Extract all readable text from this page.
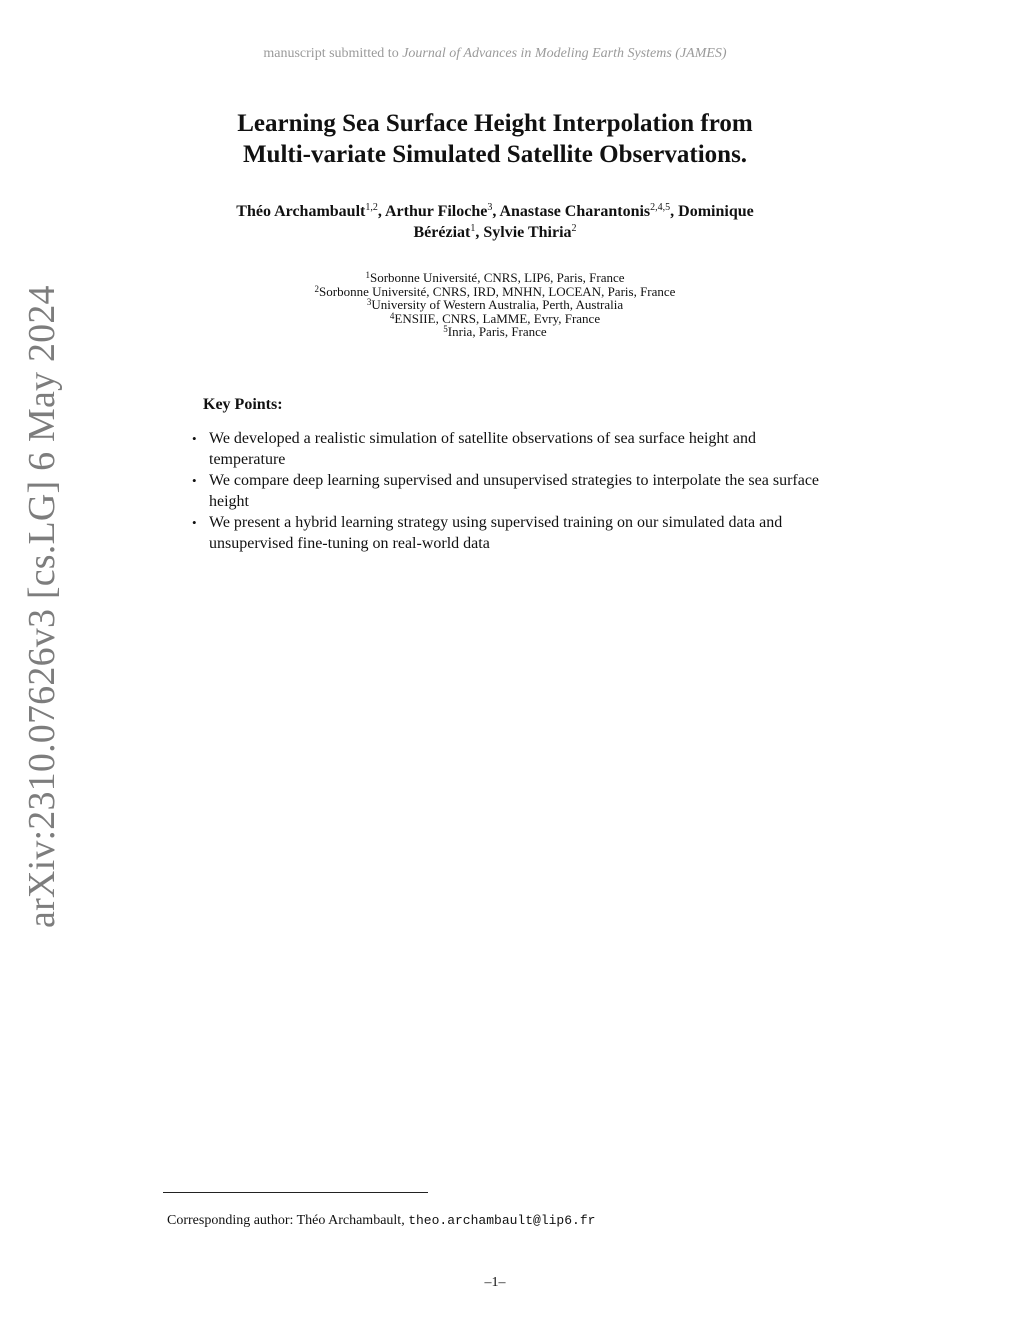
manuscript submitted to Journal of Advances in Modeling Earth Systems (JAMES)
arXiv:2310.07626v3 [cs.LG] 6 May 2024
Learning Sea Surface Height Interpolation from
Multi-variate Simulated Satellite Observations.
Théo Archambault$^{1,2}$, Arthur Filoche$^3$, Anastase Charantonis$^{2,4,5}$, Dominique
Béréziat$^1$, Sylvie Thiria$^2$
$^1$Sorbonne Université, CNRS, LIP6, Paris, France
$^2$Sorbonne Université, CNRS, IRD, MNHN, LOCEAN, Paris, France
$^3$University of Western Australia, Perth, Australia
$^4$ENSIIE, CNRS, LaMME, Evry, France
$^5$Inria, Paris, France
Key Points:
• We developed a realistic simulation of satellite observations of sea surface height and temperature
• We compare deep learning supervised and unsupervised strategies to interpolate the sea surface height
• We present a hybrid learning strategy using supervised training on our simulated data and unsupervised fine-tuning on real-world data
Corresponding author: Théo Archambault, theo.archambault@lip6.fr
–1–
